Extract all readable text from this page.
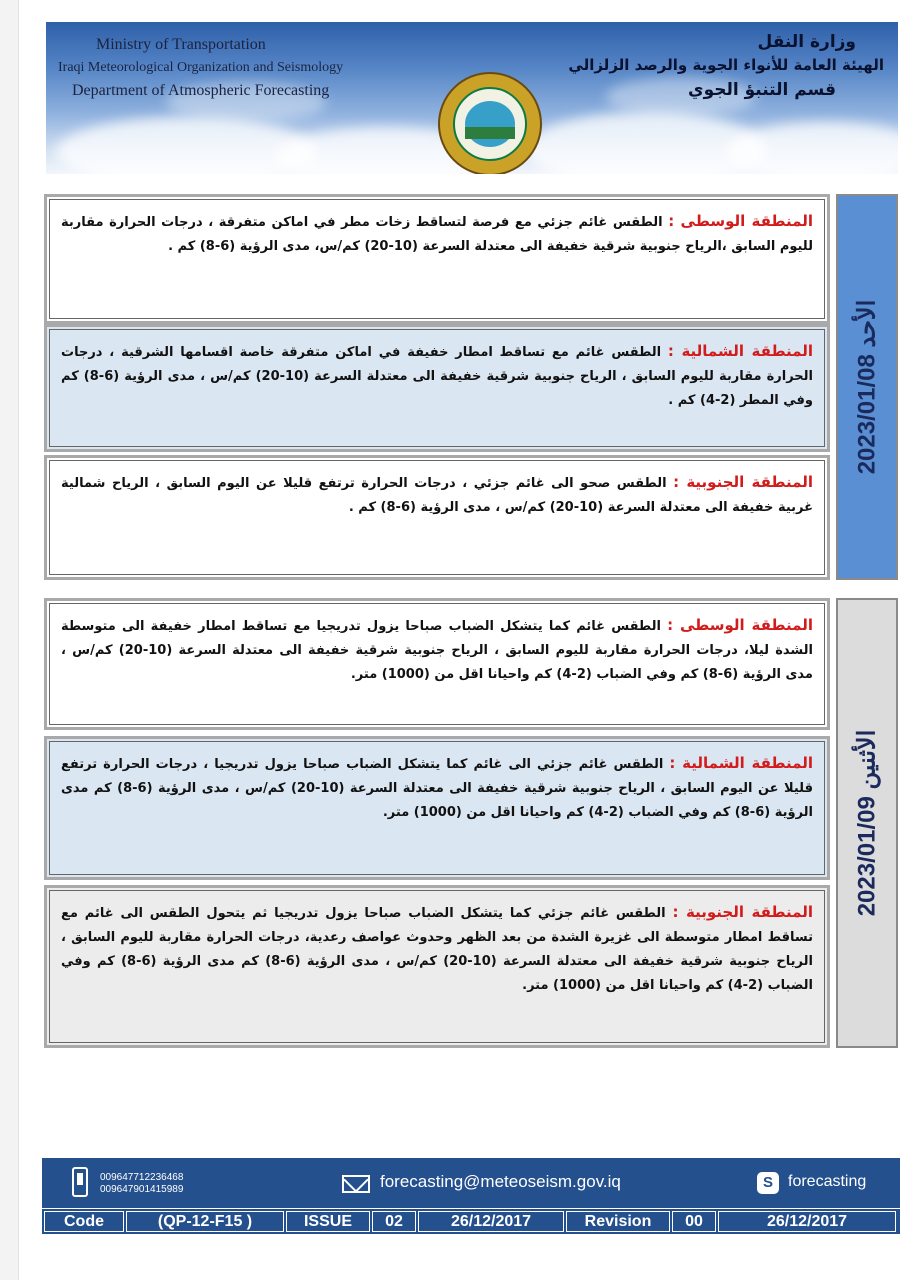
Ministry of Transportation
Iraqi Meteorological Organization and Seismology
Department of Atmospheric Forecasting
وزارة النقل
الهيئة العامة للأنواء الجوية والرصد الزلزالي
قسم التنبؤ الجوي
الأحد 2023/01/08
المنطقة الوسطى : الطقس غائم جزئي مع فرصة لتساقط زخات مطر في اماكن متفرقة ، درجات الحرارة مقاربة لليوم السابق ،الرياح جنوبية شرقية خفيفة الى معتدلة السرعة (10-20) كم/س، مدى الرؤية (6-8) كم .
المنطقة الشمالية : الطقس غائم مع تساقط امطار خفيفة في اماكن متفرقة خاصة اقسامها الشرقية ، درجات الحرارة مقاربة لليوم السابق ، الرياح جنوبية شرقية خفيفة الى معتدلة السرعة (10-20) كم/س ، مدى الرؤية (6-8) كم وفي المطر (2-4) كم .
المنطقة الجنوبية : الطقس صحو الى غائم جزئي ، درجات الحرارة ترتفع قليلا عن اليوم السابق ، الرياح شمالية غربية خفيفة الى معتدلة السرعة (10-20) كم/س ، مدى الرؤية (6-8) كم .
الأثنين 2023/01/09
المنطقة الوسطى : الطقس غائم كما يتشكل الضباب صباحا يزول تدريجيا مع تساقط امطار خفيفة الى متوسطة الشدة ليلا، درجات الحرارة مقاربة لليوم السابق ، الرياح جنوبية شرقية خفيفة الى معتدلة السرعة (10-20) كم/س ، مدى الرؤية (6-8) كم وفي الضباب (2-4) كم واحيانا اقل من (1000) متر.
المنطقة الشمالية : الطقس غائم جزئي الى غائم كما يتشكل الضباب صباحا يزول تدريجيا ، درجات الحرارة ترتفع قليلا عن اليوم السابق ، الرياح جنوبية شرقية خفيفة الى معتدلة السرعة (10-20) كم/س ، مدى الرؤية (6-8) كم مدى الرؤية (6-8) كم وفي الضباب (2-4) كم واحيانا اقل من (1000) متر.
المنطقة الجنوبية : الطقس غائم جزئي كما يتشكل الضباب صباحا يزول تدريجيا ثم يتحول الطقس الى غائم مع تساقط امطار متوسطة الى غزيرة الشدة من بعد الظهر وحدوث عواصف رعدية، درجات الحرارة مقاربة لليوم السابق ، الرياح جنوبية شرقية خفيفة الى معتدلة السرعة (10-20) كم/س ، مدى الرؤية (6-8) كم مدى الرؤية (6-8) كم وفي الضباب (2-4) كم واحيانا اقل من (1000) متر.
009647712236468
009647901415989	forecasting@meteoseism.gov.iq	S forecasting
Code	(QP-12-F15 )	ISSUE	02	26/12/2017	Revision	00	26/12/2017
